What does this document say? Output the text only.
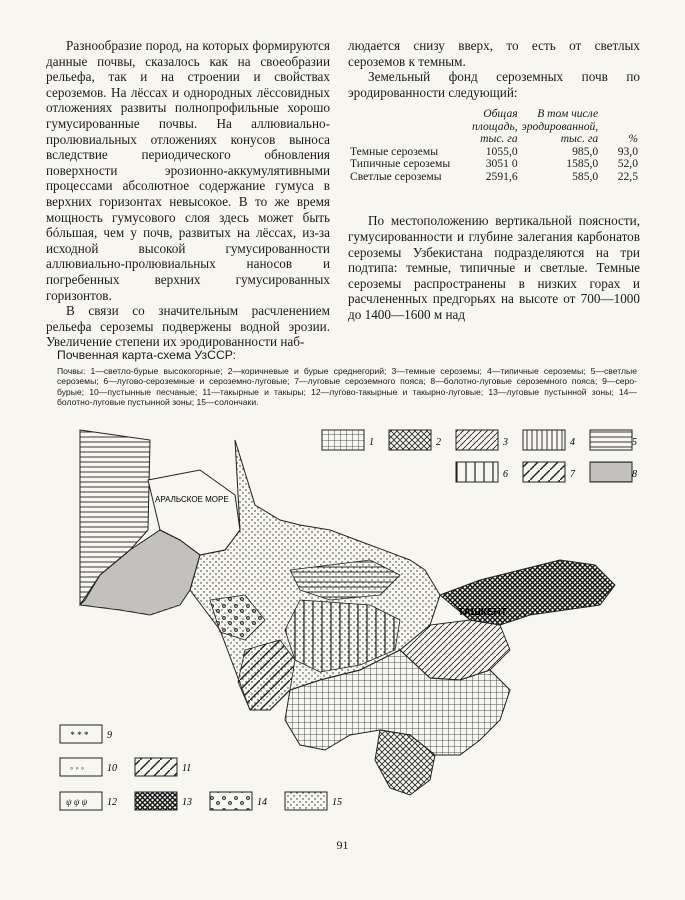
Разнообразие пород, на которых формируются данные почвы, сказалось как на своеобразии рельефа, так и на строении и свойствах сероземов. На лёссах и однородных лёссовидных отложениях развиты полнопрофильные хорошо гумусированные почвы. На аллювиально-пролювиальных отложениях конусов выноса вследствие периодического обновления поверхности эрозионно-аккумулятивными процессами абсолютное содержание гумуса в верхних горизонтах невысокое. В то же время мощность гумусового слоя здесь может быть бóльшая, чем у почв, развитых на лёссах, из-за исходной высокой гумусированности аллювиально-пролювиальных наносов и погребенных верхних гумусированных горизонтов.

В связи со значительным расчленением рельефа сероземы подвержены водной эрозии. Увеличение степени их эродированности наб-

людается снизу вверх, то есть от светлых сероземов к темным.

Земельный фонд сероземных почв по эродированности следующий:

	Общая площадь, тыс. га	В том числе эродированной, тыс. га	%
Темные сероземы	1055,0	985,0	93,0
Типичные сероземы	3051 0	1585,0	52,0
Светлые сероземы	2591,6	585,0	22,5

По местоположению вертикальной поясности, гумусированности и глубине залегания карбонатов сероземы Узбекистана подразделяются на три подтипа: темные, типичные и светлые. Темные сероземы распространены в низких горах и расчлененных предгорьях на высоте от 700—1000 до 1400—1600 м над

Почвенная карта-схема УзССР:
Почвы: 1—светло-бурые высокогорные; 2—коричневые и бурые среднегорий; 3—темные сероземы; 4—типичные сероземы; 5—светлые сероземы; 6—лугово-сероземные и сероземно-луговые; 7—луговые сероземного пояса; 8—болотно-луговые сероземного пояса; 9—серо-бурые; 10—пустынные песчаные; 11—такырные и такыры; 12—лугово-такырные и такырно-луговые; 13—луговые пустынной зоны; 14—болотно-луговые пустынной зоны; 15—солончаки.
АРАЛЬСКОЕ МОРЕ
ТАШКЕНТ
1	2	3	4	5
6	7	8
* * * 9
◦ ◦ ◦ 10	11
ψ ψ ψ 12	13	14	15
91
